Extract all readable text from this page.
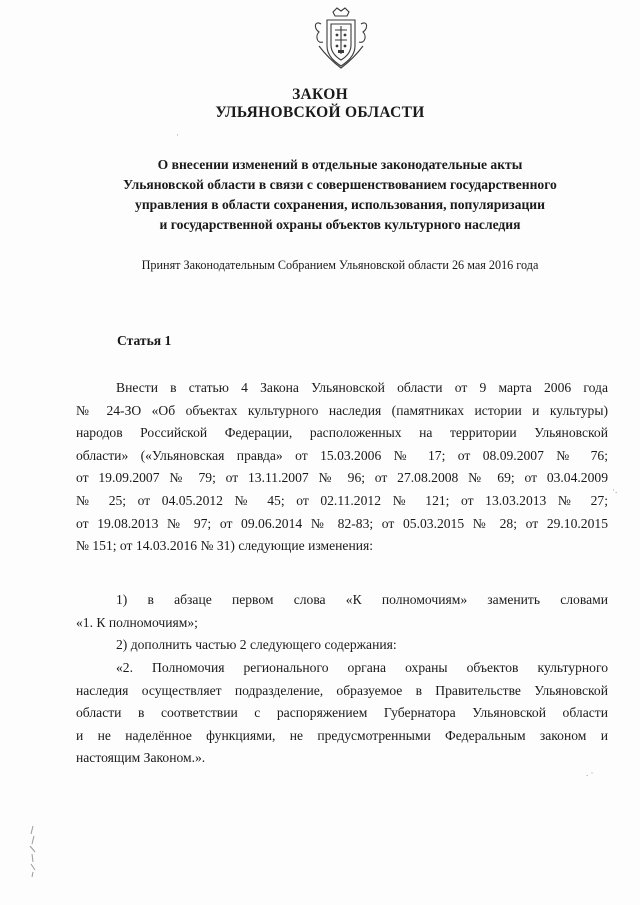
ЗАКОН
УЛЬЯНОВСКОЙ ОБЛАСТИ
О внесении изменений в отдельные законодательные акты
Ульяновской области в связи с совершенствованием государственного
управления в области сохранения, использования, популяризации
и государственной охраны объектов культурного наследия
Принят Законодательным Собранием Ульяновской области 26 мая 2016 года
Статья 1
Внести в статью 4 Закона Ульяновской области от 9 марта 2006 года
№ 24-ЗО «Об объектах культурного наследия (памятниках истории и культуры)
народов Российской Федерации, расположенных на территории Ульяновской
области» («Ульяновская правда» от 15.03.2006 № 17; от 08.09.2007 № 76;
от 19.09.2007 № 79; от 13.11.2007 № 96; от 27.08.2008 № 69; от 03.04.2009
№ 25; от 04.05.2012 № 45; от 02.11.2012 № 121; от 13.03.2013 № 27;
от 19.08.2013 № 97; от 09.06.2014 № 82-83; от 05.03.2015 № 28; от 29.10.2015
№ 151; от 14.03.2016 № 31) следующие изменения:
1) в абзаце первом слова «К полномочиям» заменить словами
«1. К полномочиям»;
2) дополнить частью 2 следующего содержания:
«2. Полномочия регионального органа охраны объектов культурного
наследия осуществляет подразделение, образуемое в Правительстве Ульяновской
области в соответствии с распоряжением Губернатора Ульяновской области
и не наделённое функциями, не предусмотренными Федеральным законом и
настоящим Законом.».
·
·.
. ·
